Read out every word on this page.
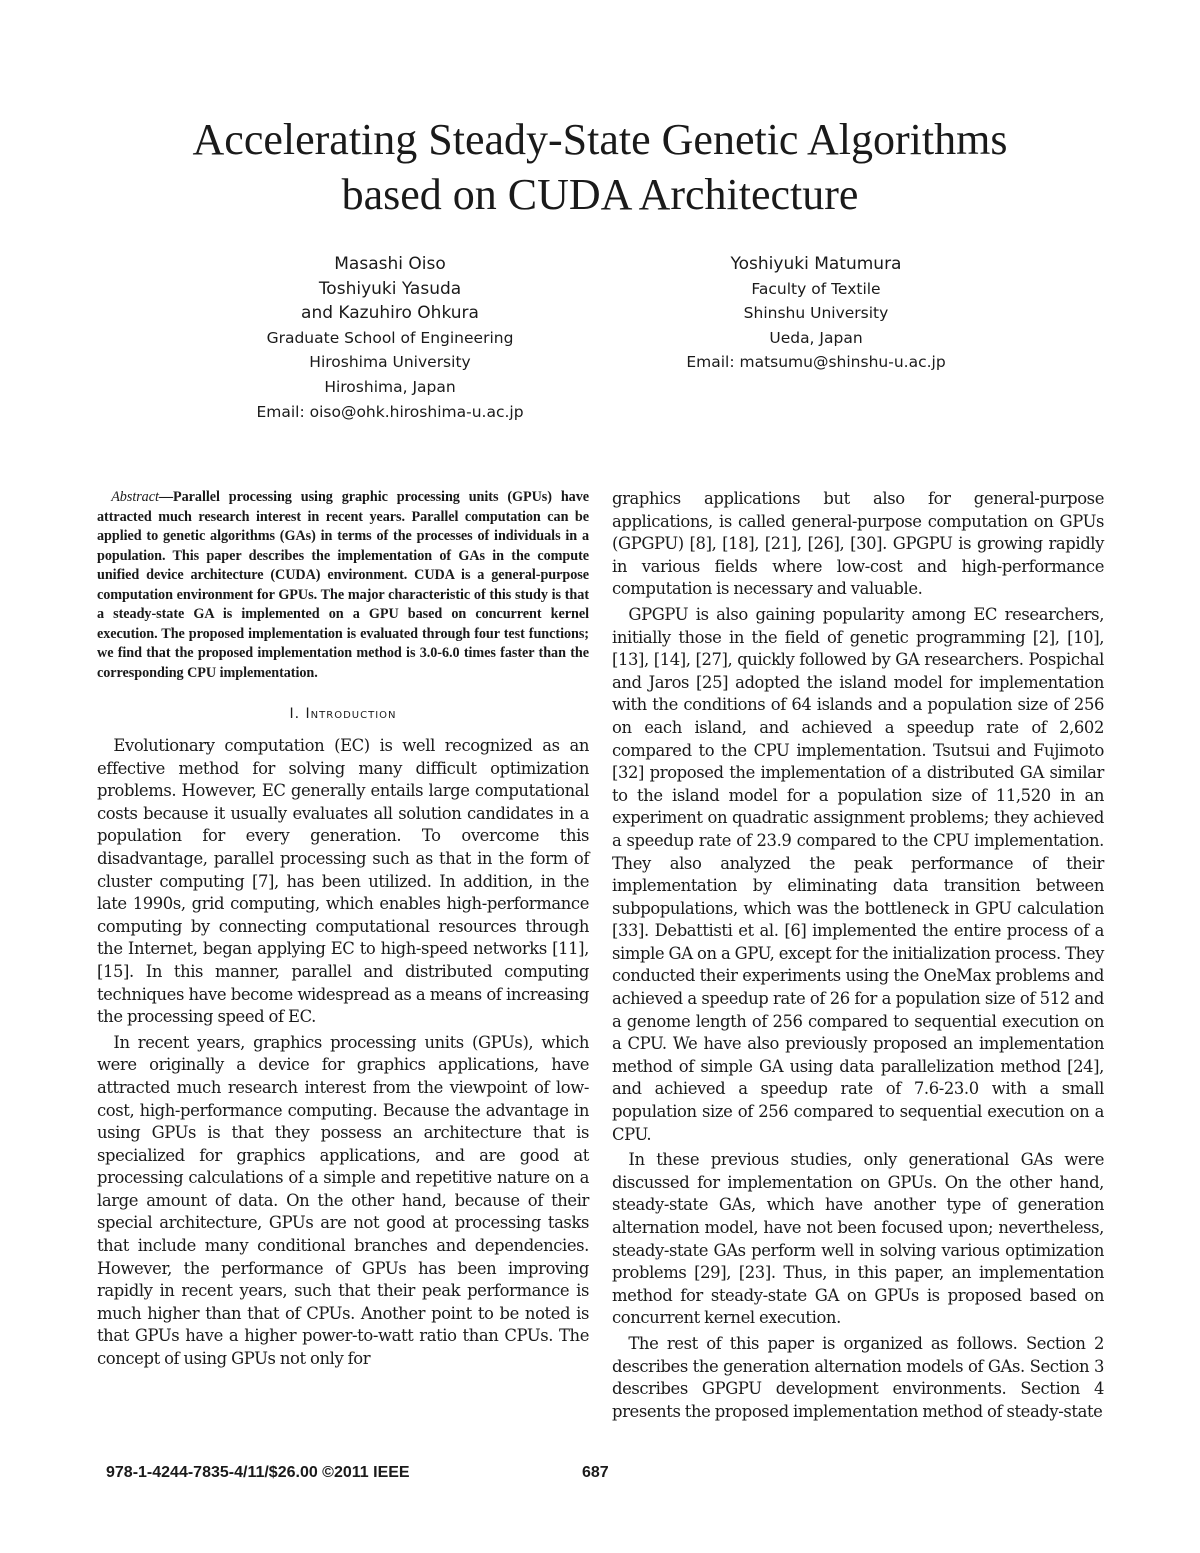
Accelerating Steady-State Genetic Algorithms
based on CUDA Architecture
Masashi Oiso
Toshiyuki Yasuda
and Kazuhiro Ohkura
Graduate School of Engineering
Hiroshima University
Hiroshima, Japan
Email: oiso@ohk.hiroshima-u.ac.jp
Yoshiyuki Matumura
Faculty of Textile
Shinshu University
Ueda, Japan
Email: matsumu@shinshu-u.ac.jp
Abstract—Parallel processing using graphic processing units (GPUs) have attracted much research interest in recent years. Parallel computation can be applied to genetic algorithms (GAs) in terms of the processes of individuals in a population. This paper describes the implementation of GAs in the compute unified device architecture (CUDA) environment. CUDA is a general-purpose computation environment for GPUs. The major characteristic of this study is that a steady-state GA is implemented on a GPU based on concurrent kernel execution. The proposed implementation is evaluated through four test functions; we find that the proposed implementation method is 3.0-6.0 times faster than the corresponding CPU implementation.
I. Introduction

Evolutionary computation (EC) is well recognized as an effective method for solving many difficult optimization problems. However, EC generally entails large computational costs because it usually evaluates all solution candidates in a population for every generation. To overcome this disadvantage, parallel processing such as that in the form of cluster computing [7], has been utilized. In addition, in the late 1990s, grid computing, which enables high-performance computing by connecting computational resources through the Internet, began applying EC to high-speed networks [11], [15]. In this manner, parallel and distributed computing techniques have become widespread as a means of increasing the processing speed of EC.

In recent years, graphics processing units (GPUs), which were originally a device for graphics applications, have attracted much research interest from the viewpoint of low-cost, high-performance computing. Because the advantage in using GPUs is that they possess an architecture that is specialized for graphics applications, and are good at processing calculations of a simple and repetitive nature on a large amount of data. On the other hand, because of their special architecture, GPUs are not good at processing tasks that include many conditional branches and dependencies. However, the performance of GPUs has been improving rapidly in recent years, such that their peak performance is much higher than that of CPUs. Another point to be noted is that GPUs have a higher power-to-watt ratio than CPUs. The concept of using GPUs not only for

graphics applications but also for general-purpose applications, is called general-purpose computation on GPUs (GPGPU) [8], [18], [21], [26], [30]. GPGPU is growing rapidly in various fields where low-cost and high-performance computation is necessary and valuable.

GPGPU is also gaining popularity among EC researchers, initially those in the field of genetic programming [2], [10], [13], [14], [27], quickly followed by GA researchers. Pospichal and Jaros [25] adopted the island model for implementation with the conditions of 64 islands and a population size of 256 on each island, and achieved a speedup rate of 2,602 compared to the CPU implementation. Tsutsui and Fujimoto [32] proposed the implementation of a distributed GA similar to the island model for a population size of 11,520 in an experiment on quadratic assignment problems; they achieved a speedup rate of 23.9 compared to the CPU implementation. They also analyzed the peak performance of their implementation by eliminating data transition between subpopulations, which was the bottleneck in GPU calculation [33]. Debattisti et al. [6] implemented the entire process of a simple GA on a GPU, except for the initialization process. They conducted their experiments using the OneMax problems and achieved a speedup rate of 26 for a population size of 512 and a genome length of 256 compared to sequential execution on a CPU. We have also previously proposed an implementation method of simple GA using data parallelization method [24], and achieved a speedup rate of 7.6-23.0 with a small population size of 256 compared to sequential execution on a CPU.

In these previous studies, only generational GAs were discussed for implementation on GPUs. On the other hand, steady-state GAs, which have another type of generation alternation model, have not been focused upon; nevertheless, steady-state GAs perform well in solving various optimization problems [29], [23]. Thus, in this paper, an implementation method for steady-state GA on GPUs is proposed based on concurrent kernel execution.

The rest of this paper is organized as follows. Section 2 describes the generation alternation models of GAs. Section 3 describes GPGPU development environments. Section 4 presents the proposed implementation method of steady-state

978-1-4244-7835-4/11/$26.00 ©2011 IEEE	687
